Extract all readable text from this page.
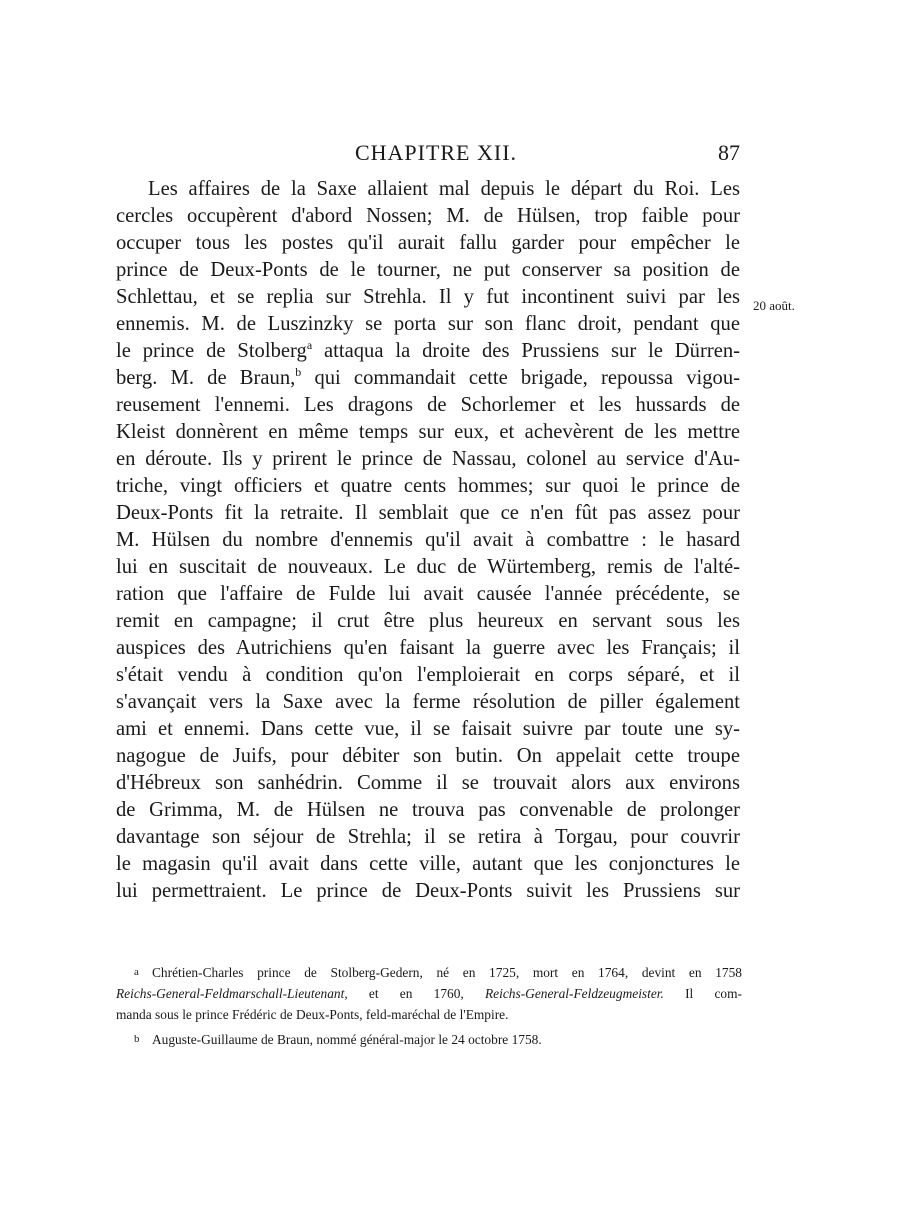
CHAPITRE XII.	87
20 août.
Les affaires de la Saxe allaient mal depuis le départ du Roi. Les
cercles occupèrent d'abord Nossen; M. de Hülsen, trop faible pour
occuper tous les postes qu'il aurait fallu garder pour empêcher le
prince de Deux-Ponts de le tourner, ne put conserver sa position de
Schlettau, et se replia sur Strehla. Il y fut incontinent suivi par les
ennemis. M. de Luszinzky se porta sur son flanc droit, pendant que
le prince de Stolberg$^a$ attaqua la droite des Prussiens sur le Dürren-
berg. M. de Braun,$^b$ qui commandait cette brigade, repoussa vigou-
reusement l'ennemi. Les dragons de Schorlemer et les hussards de
Kleist donnèrent en même temps sur eux, et achevèrent de les mettre
en déroute. Ils y prirent le prince de Nassau, colonel au service d'Au-
triche, vingt officiers et quatre cents hommes; sur quoi le prince de
Deux-Ponts fit la retraite. Il semblait que ce n'en fût pas assez pour
M. Hülsen du nombre d'ennemis qu'il avait à combattre : le hasard
lui en suscitait de nouveaux. Le duc de Würtemberg, remis de l'alté-
ration que l'affaire de Fulde lui avait causée l'année précédente, se
remit en campagne; il crut être plus heureux en servant sous les
auspices des Autrichiens qu'en faisant la guerre avec les Français; il
s'était vendu à condition qu'on l'emploierait en corps séparé, et il
s'avançait vers la Saxe avec la ferme résolution de piller également
ami et ennemi. Dans cette vue, il se faisait suivre par toute une sy-
nagogue de Juifs, pour débiter son butin. On appelait cette troupe
d'Hébreux son sanhédrin. Comme il se trouvait alors aux environs
de Grimma, M. de Hülsen ne trouva pas convenable de prolonger
davantage son séjour de Strehla; il se retira à Torgau, pour couvrir
le magasin qu'il avait dans cette ville, autant que les conjonctures le
lui permettraient. Le prince de Deux-Ponts suivit les Prussiens sur
a Chrétien-Charles prince de Stolberg-Gedern, né en 1725, mort en 1764, devint en 1758
Reichs-General-Feldmarschall-Lieutenant, et en 1760, Reichs-General-Feldzeugmeister. Il com-
manda sous le prince Frédéric de Deux-Ponts, feld-maréchal de l'Empire.
b Auguste-Guillaume de Braun, nommé général-major le 24 octobre 1758.
